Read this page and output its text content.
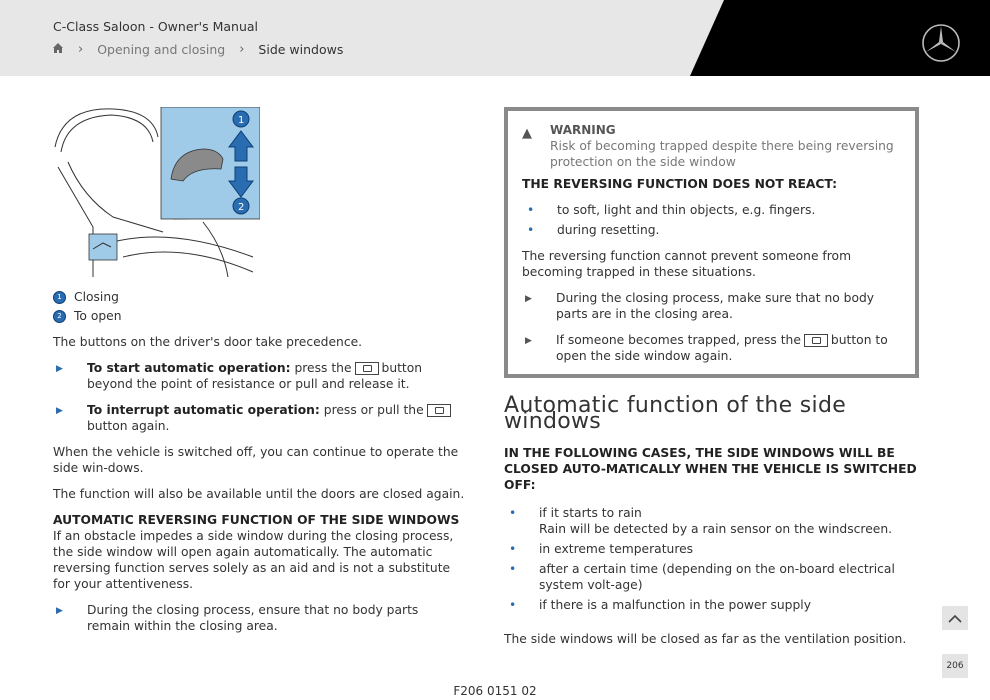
C-Class Saloon - Owner's Manual
› Opening and closing › Side windows
1
2
1 Closing
2 To open

The buttons on the driver's door take precedence.

▶	To start automatic operation: press the button beyond the point of resistance or pull and release it.
▶	To interrupt automatic operation: press or pull thebutton again.

When the vehicle is switched off, you can continue to operate the side win-dows.

The function will also be available until the doors are closed again.

AUTOMATIC REVERSING FUNCTION OF THE SIDE WINDOWS

If an obstacle impedes a side window during the closing process, the side window will open again automatically. The automatic reversing function serves solely as an aid and is not a substitute for your attentiveness.

▶	During the closing process, ensure that no body parts remain within the closing area.
▲	WARNING
Risk of becoming trapped despite there being reversing protection on the side window
THE REVERSING FUNCTION DOES NOT REACT:
•	to soft, light and thin objects, e.g. fingers.
•	during resetting.

The reversing function cannot prevent someone from becoming trapped in these situations.

▶	During the closing process, make sure that no body parts are in the closing area.
▶	If someone becomes trapped, press the button to open the side window again.
Automatic function of the side windows
IN THE FOLLOWING CASES, THE SIDE WINDOWS WILL BE CLOSED AUTO-MATICALLY WHEN THE VEHICLE IS SWITCHED OFF:
•	if it starts to rain
Rain will be detected by a rain sensor on the windscreen.
•	in extreme temperatures
•	after a certain time (depending on the on-board electrical system volt-age)
•	if there is a malfunction in the power supply

The side windows will be closed as far as the ventilation position.

206
F206 0151 02
